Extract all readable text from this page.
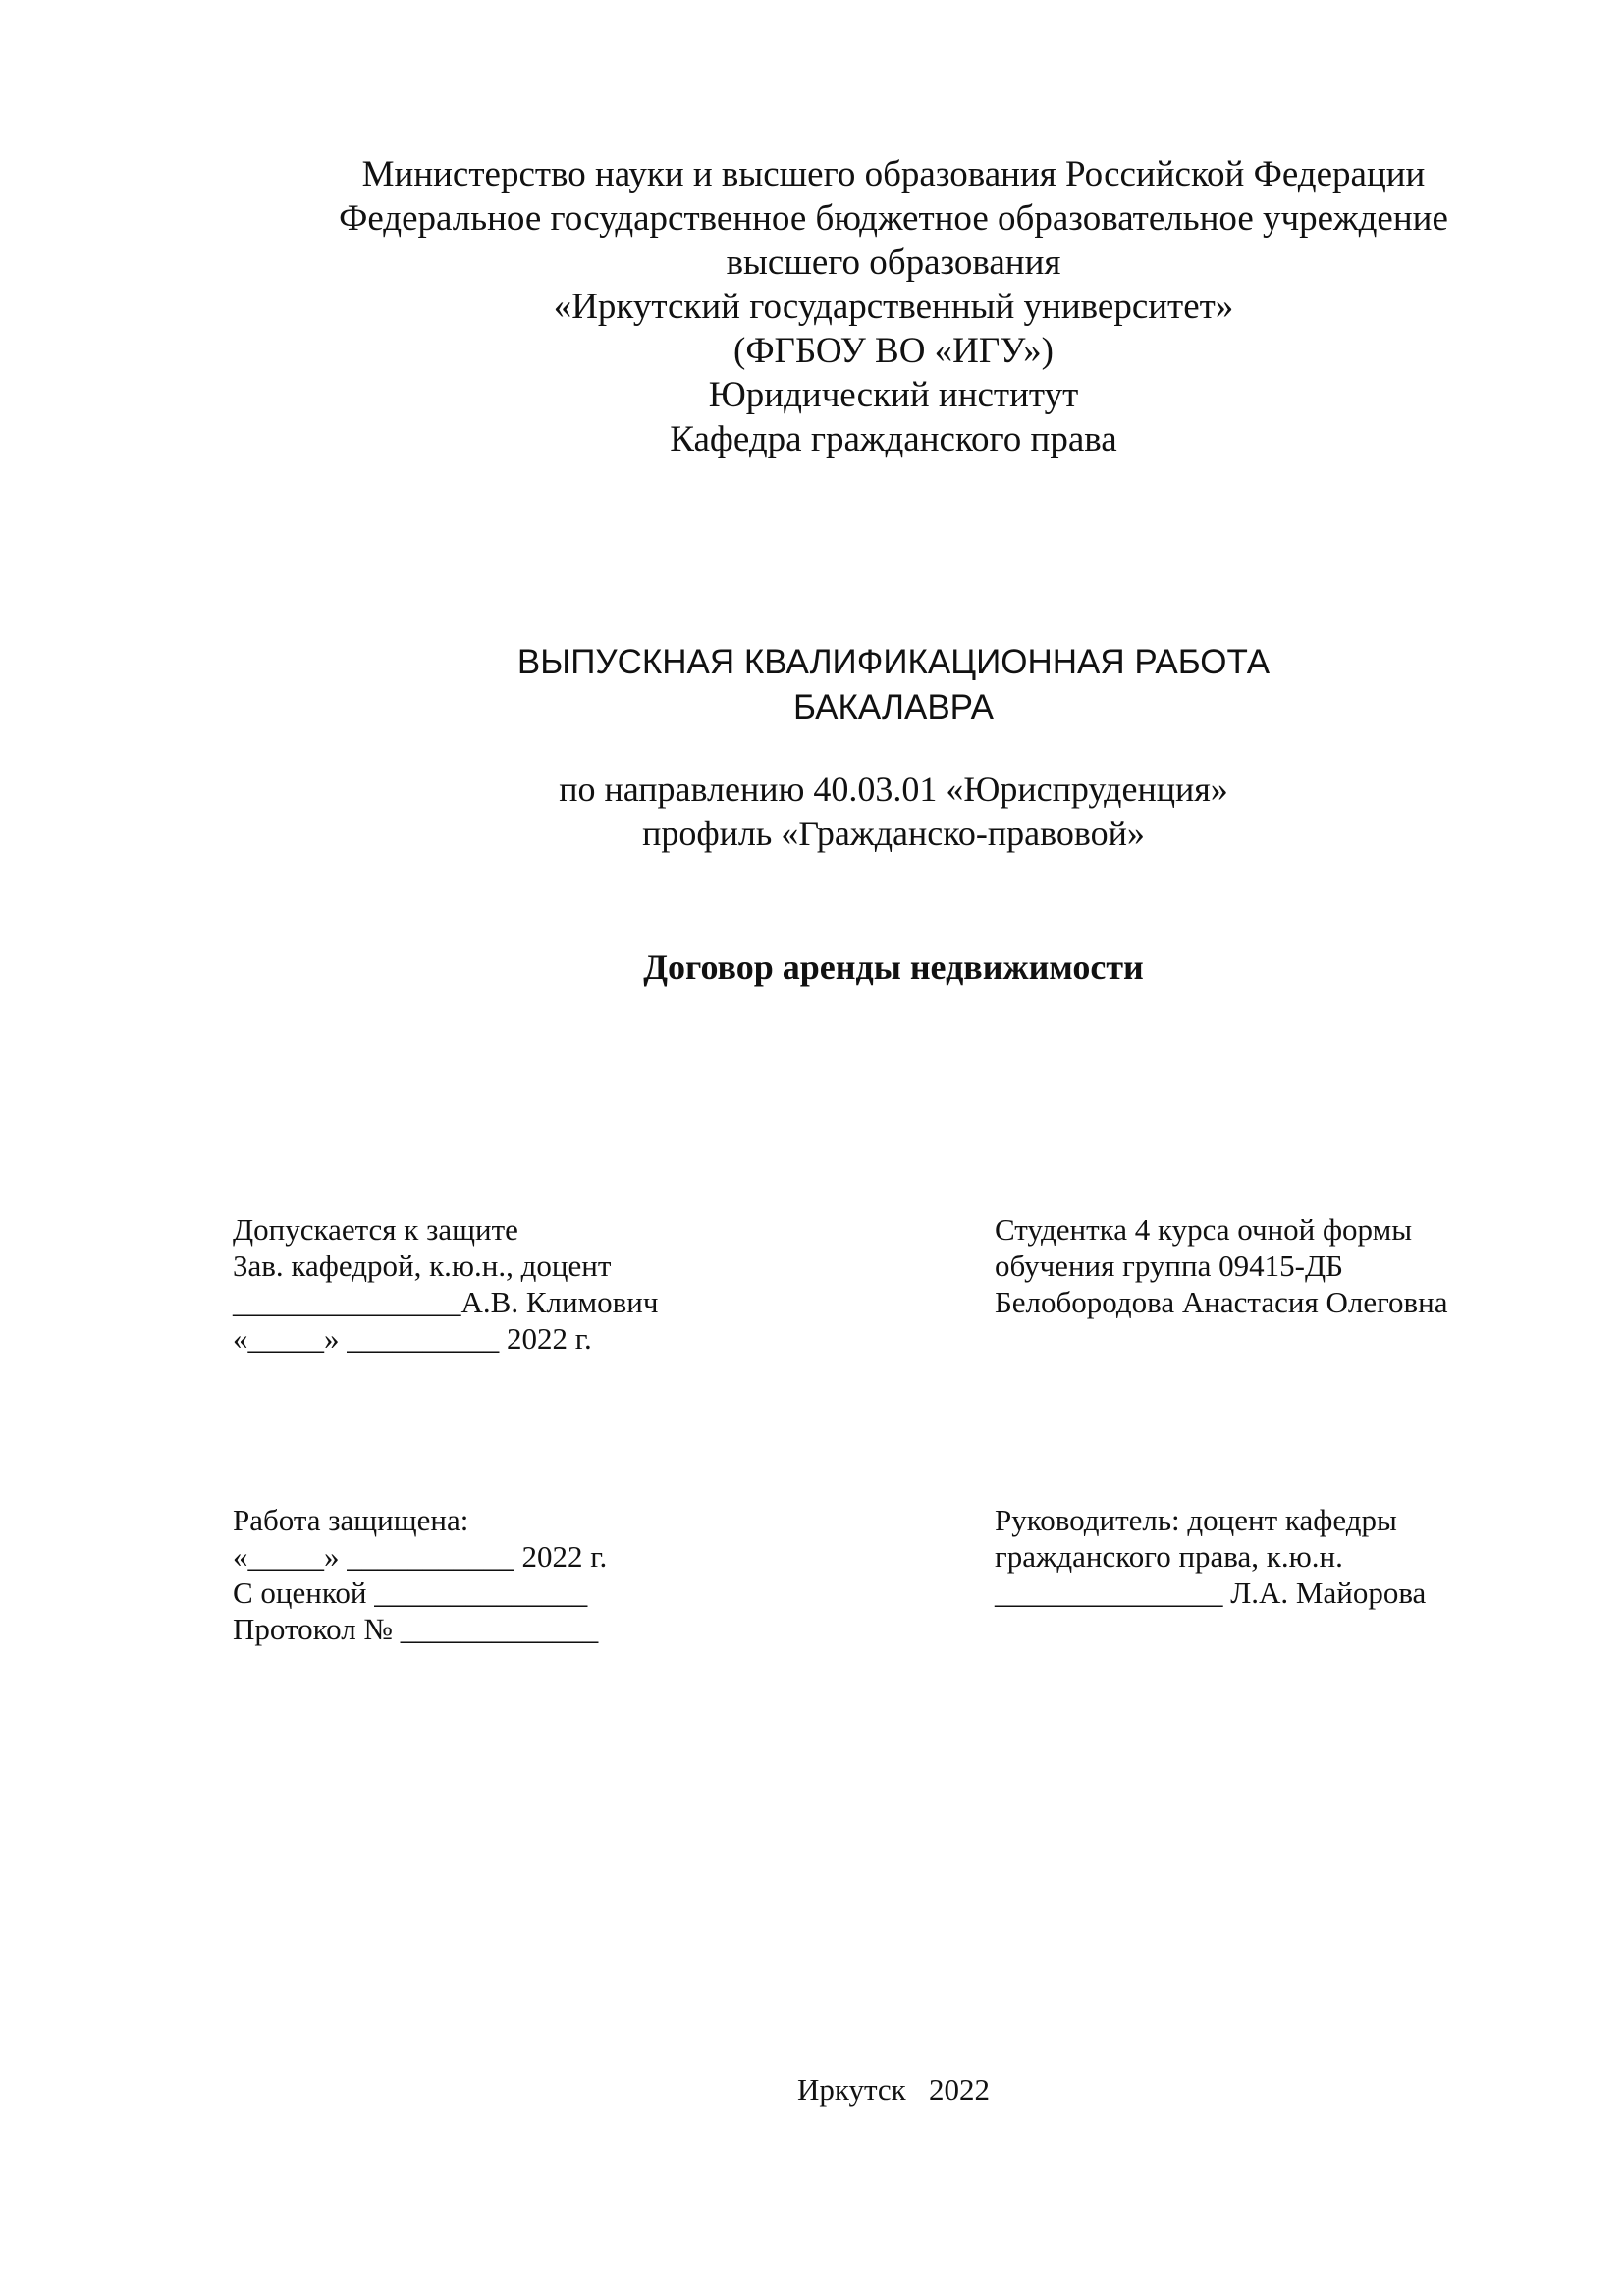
Министерство науки и высшего образования Российской Федерации
Федеральное государственное бюджетное образовательное учреждение
высшего образования
«Иркутский государственный университет»
(ФГБОУ ВО «ИГУ»)
Юридический институт
Кафедра гражданского права
ВЫПУСКНАЯ КВАЛИФИКАЦИОННАЯ РАБОТА
БАКАЛАВРА
по направлению 40.03.01 «Юриспруденция»
профиль «Гражданско-правовой»
Договор аренды недвижимости
Допускается к защите
Зав. кафедрой, к.ю.н., доцент
_______________А.В. Климович
«_____» __________ 2022 г.
Студентка 4 курса очной формы
обучения группа 09415-ДБ
Белобородова Анастасия Олеговна
Работа защищена:
«_____» ___________ 2022 г.
С оценкой ______________
Протокол № _____________
Руководитель: доцент кафедры
гражданского права, к.ю.н.
_______________ Л.А. Майорова
Иркутск   2022
